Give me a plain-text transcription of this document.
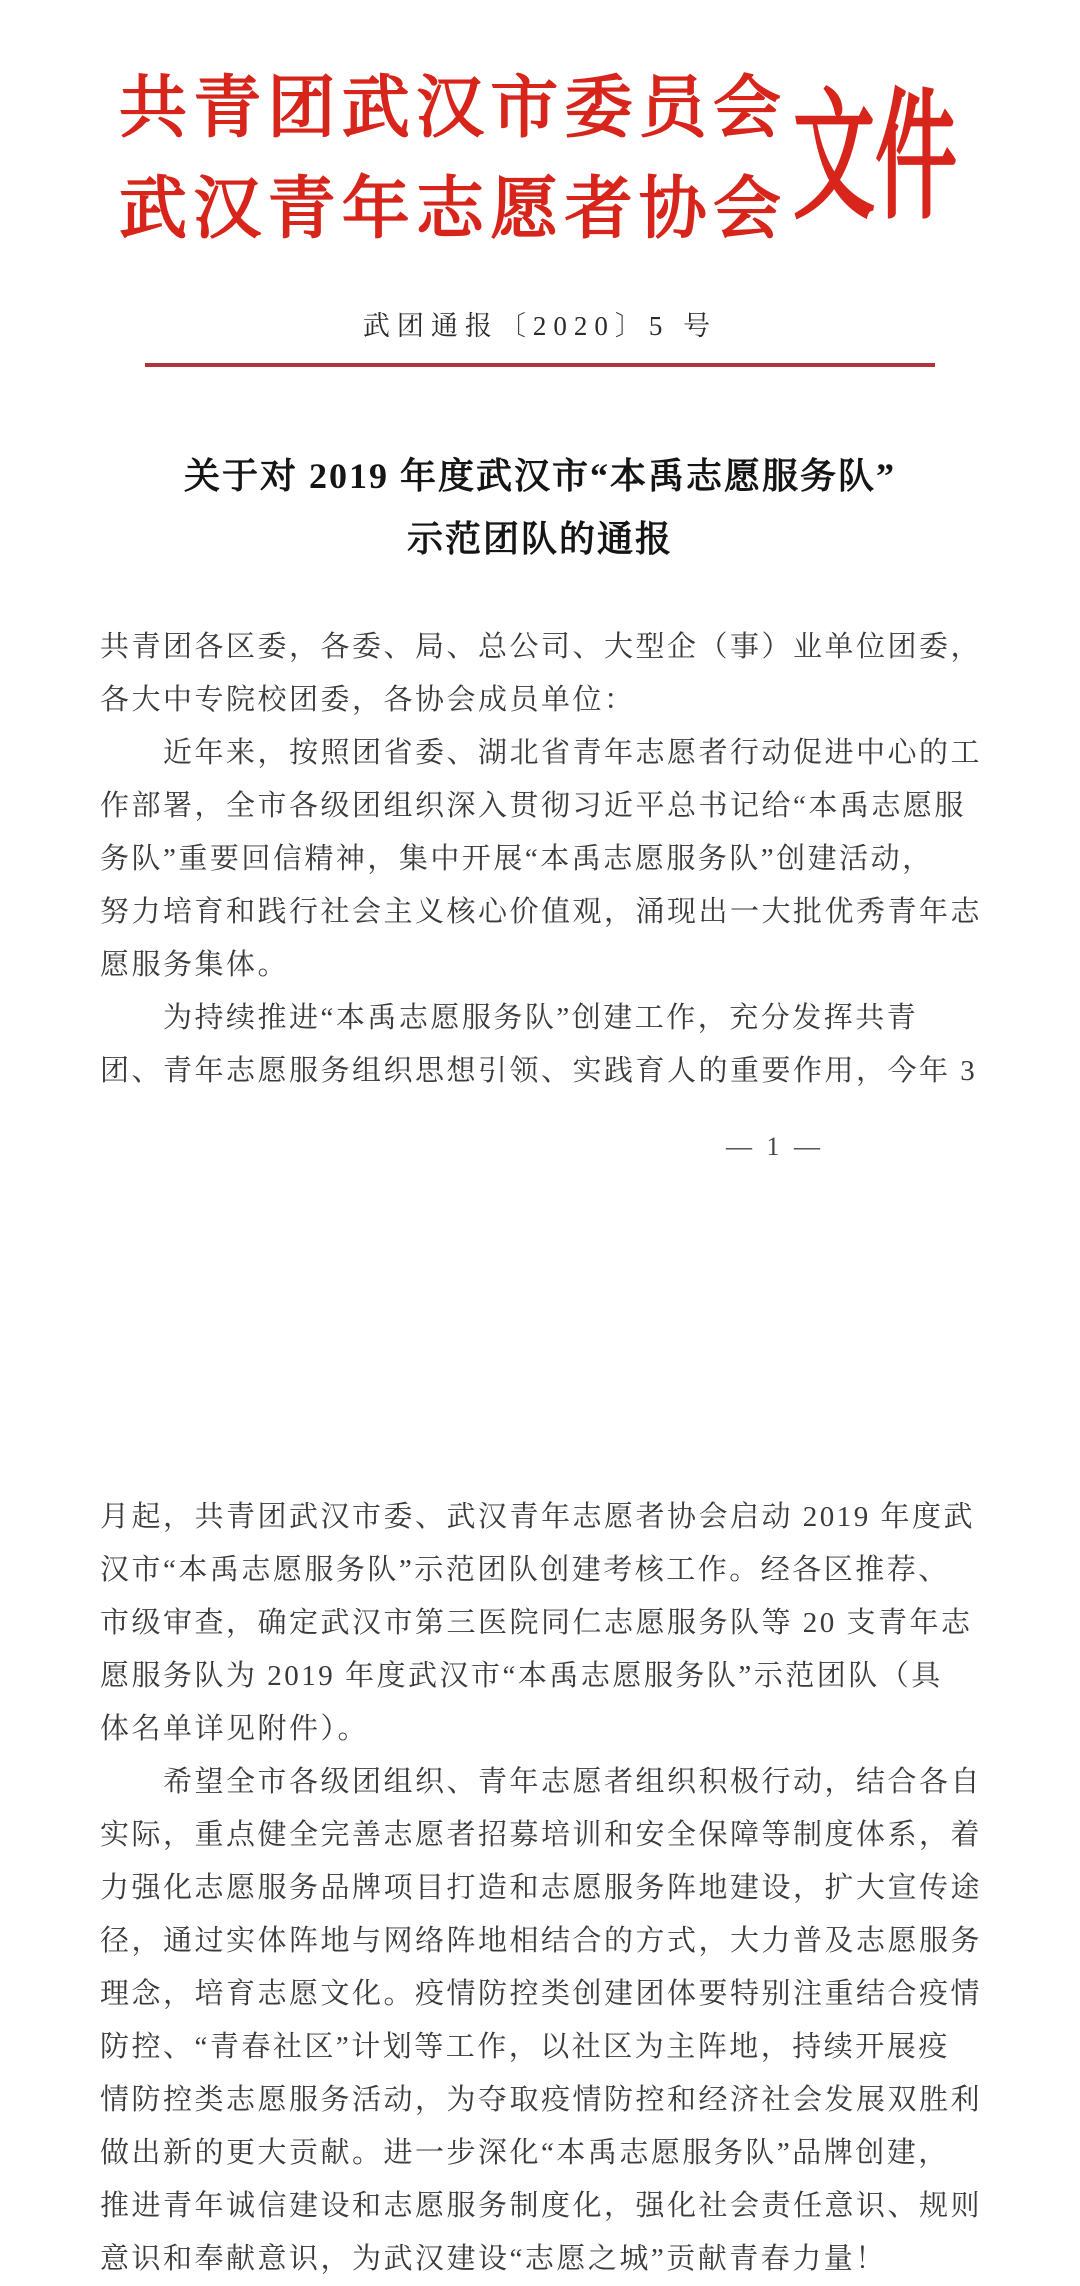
共青团武汉市委员会
武汉青年志愿者协会 文件
武团通报〔2020〕5 号
关于对 2019 年度武汉市“本禹志愿服务队”
示范团队的通报
共青团各区委，各委、局、总公司、大型企（事）业单位团委，
各大中专院校团委，各协会成员单位：
近年来，按照团省委、湖北省青年志愿者行动促进中心的工
作部署，全市各级团组织深入贯彻习近平总书记给“本禹志愿服
务队”重要回信精神，集中开展“本禹志愿服务队”创建活动，
努力培育和践行社会主义核心价值观，涌现出一大批优秀青年志
愿服务集体。
为持续推进“本禹志愿服务队”创建工作，充分发挥共青
团、青年志愿服务组织思想引领、实践育人的重要作用，今年 3
— 1 —
月起，共青团武汉市委、武汉青年志愿者协会启动 2019 年度武
汉市“本禹志愿服务队”示范团队创建考核工作。经各区推荐、
市级审查，确定武汉市第三医院同仁志愿服务队等 20 支青年志
愿服务队为 2019 年度武汉市“本禹志愿服务队”示范团队（具
体名单详见附件）。
希望全市各级团组织、青年志愿者组织积极行动，结合各自
实际，重点健全完善志愿者招募培训和安全保障等制度体系，着
力强化志愿服务品牌项目打造和志愿服务阵地建设，扩大宣传途
径，通过实体阵地与网络阵地相结合的方式，大力普及志愿服务
理念，培育志愿文化。疫情防控类创建团体要特别注重结合疫情
防控、“青春社区”计划等工作，以社区为主阵地，持续开展疫
情防控类志愿服务活动，为夺取疫情防控和经济社会发展双胜利
做出新的更大贡献。进一步深化“本禹志愿服务队”品牌创建，
推进青年诚信建设和志愿服务制度化，强化社会责任意识、规则
意识和奉献意识，为武汉建设“志愿之城”贡献青春力量！
